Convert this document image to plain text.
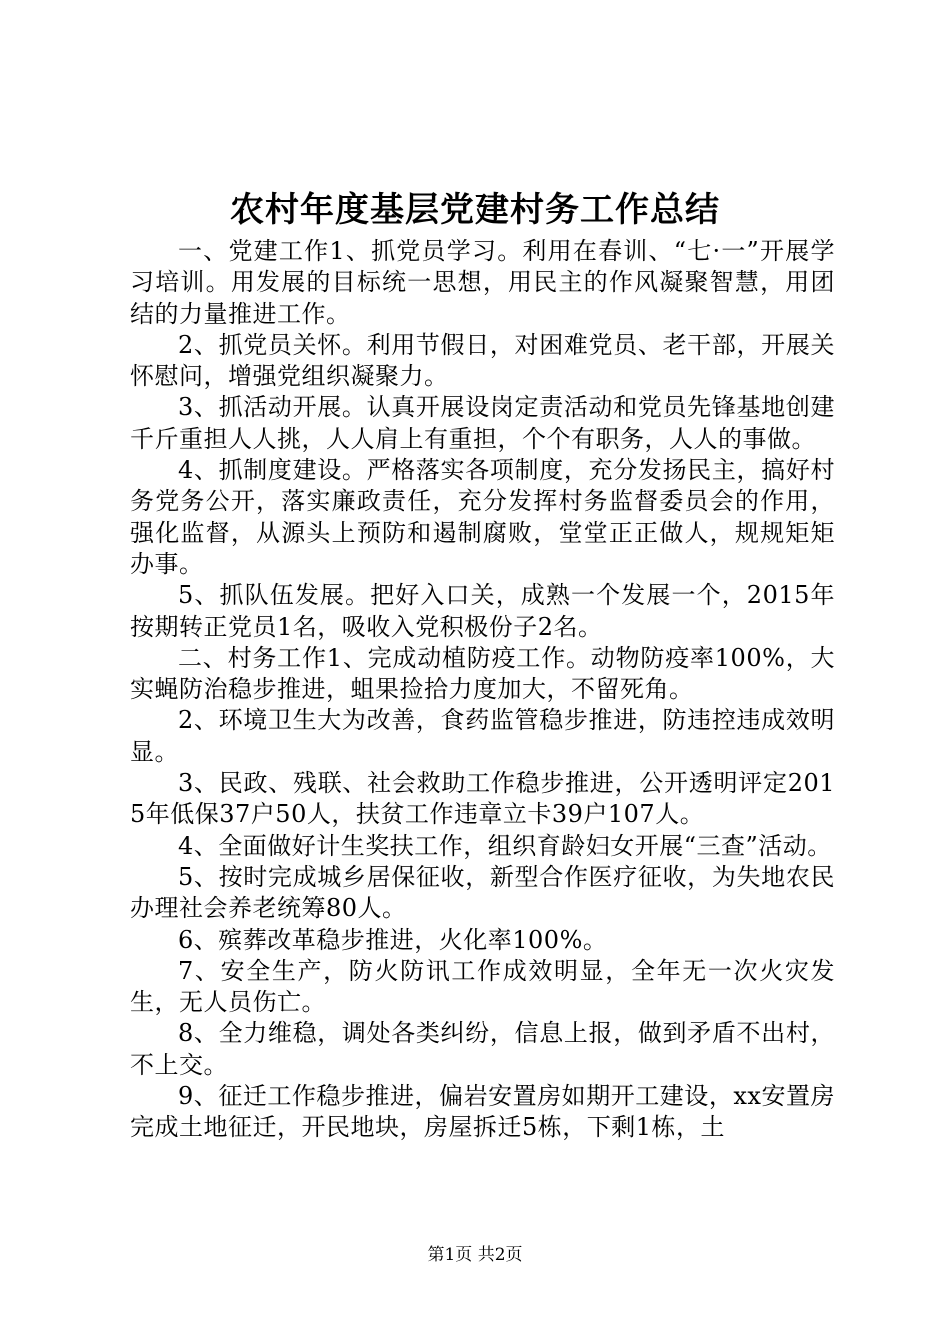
农村年度基层党建村务工作总结

一、党建工作1、抓党员学习。利用在春训、“七·一”开展学习培训。用发展的目标统一思想，用民主的作风凝聚智慧，用团结的力量推进工作。

2、抓党员关怀。利用节假日，对困难党员、老干部，开展关怀慰问，增强党组织凝聚力。

3、抓活动开展。认真开展设岗定责活动和党员先锋基地创建千斤重担人人挑，人人肩上有重担，个个有职务，人人的事做。

4、抓制度建设。严格落实各项制度，充分发扬民主，搞好村务党务公开，落实廉政责任，充分发挥村务监督委员会的作用，强化监督，从源头上预防和遏制腐败，堂堂正正做人，规规矩矩办事。

5、抓队伍发展。把好入口关，成熟一个发展一个，2015年按期转正党员1名，吸收入党积极份子2名。

二、村务工作1、完成动植防疫工作。动物防疫率100%，大实蝇防治稳步推进，蛆果捡拾力度加大，不留死角。

2、环境卫生大为改善，食药监管稳步推进，防违控违成效明显。

3、民政、残联、社会救助工作稳步推进，公开透明评定2015年低保37户50人，扶贫工作违章立卡39户107人。

4、全面做好计生奖扶工作，组织育龄妇女开展“三查”活动。

5、按时完成城乡居保征收，新型合作医疗征收，为失地农民办理社会养老统筹80人。

6、殡葬改革稳步推进，火化率100%。

7、安全生产，防火防讯工作成效明显，全年无一次火灾发生，无人员伤亡。

8、全力维稳，调处各类纠纷，信息上报，做到矛盾不出村，不上交。

9、征迁工作稳步推进，偏岩安置房如期开工建设，xx安置房完成土地征迁，开民地块，房屋拆迁5栋，下剩1栋，土

第1页 共2页
